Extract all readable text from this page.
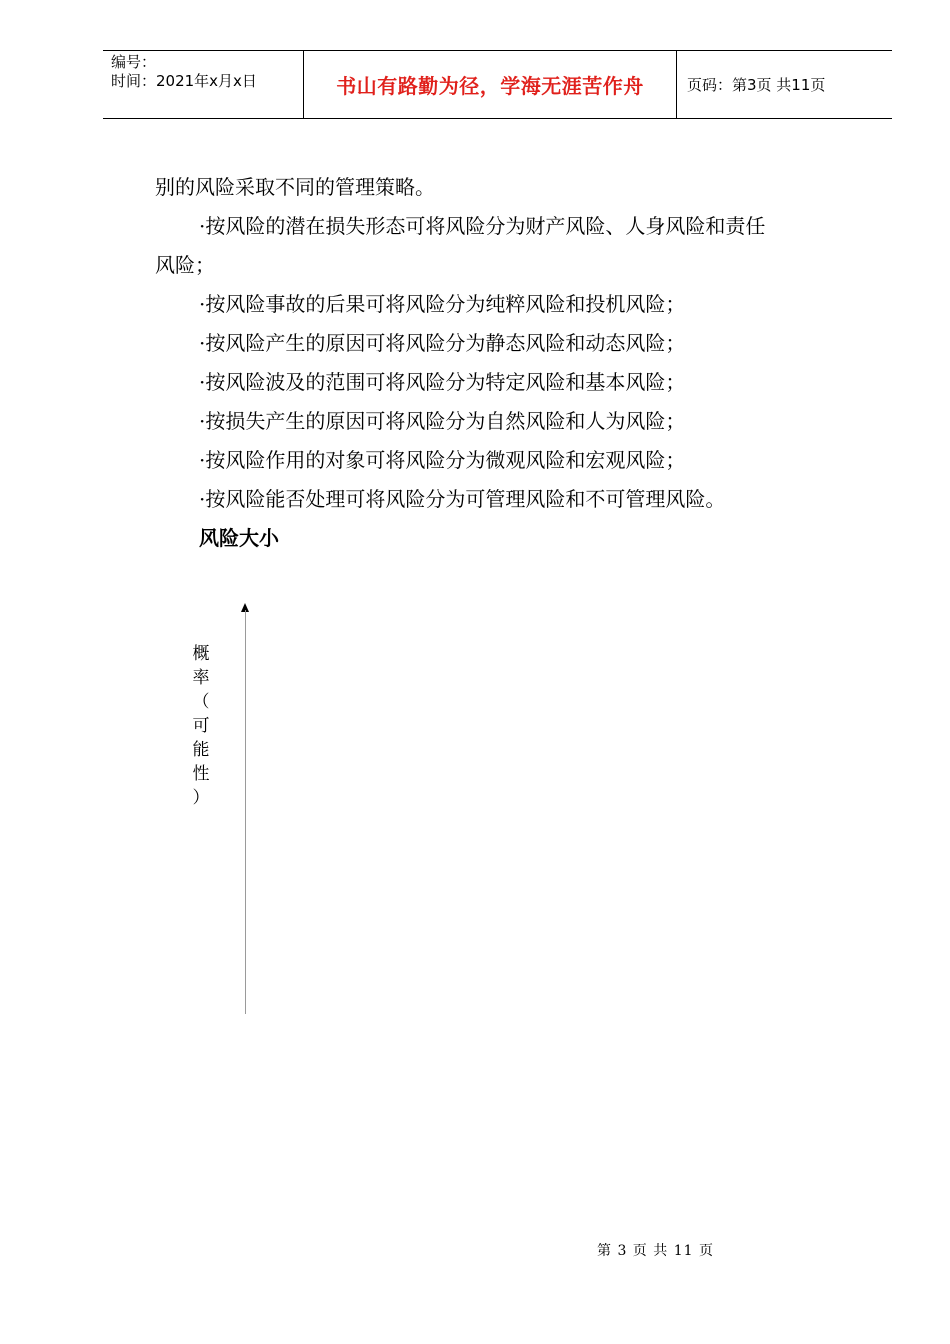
编号：
时间：2021年x月x日	书山有路勤为径，学海无涯苦作舟	页码：第3页 共11页

别的风险采取不同的管理策略。

·按风险的潜在损失形态可将风险分为财产风险、人身风险和责任

风险；

·按风险事故的后果可将风险分为纯粹风险和投机风险；

·按风险产生的原因可将风险分为静态风险和动态风险；

·按风险波及的范围可将风险分为特定风险和基本风险；

·按损失产生的原因可将风险分为自然风险和人为风险；

·按风险作用的对象可将风险分为微观风险和宏观风险；

·按风险能否处理可将风险分为可管理风险和不可管理风险。

风险大小

概
率
（
可
能
性
）
第 3 页 共 11 页
